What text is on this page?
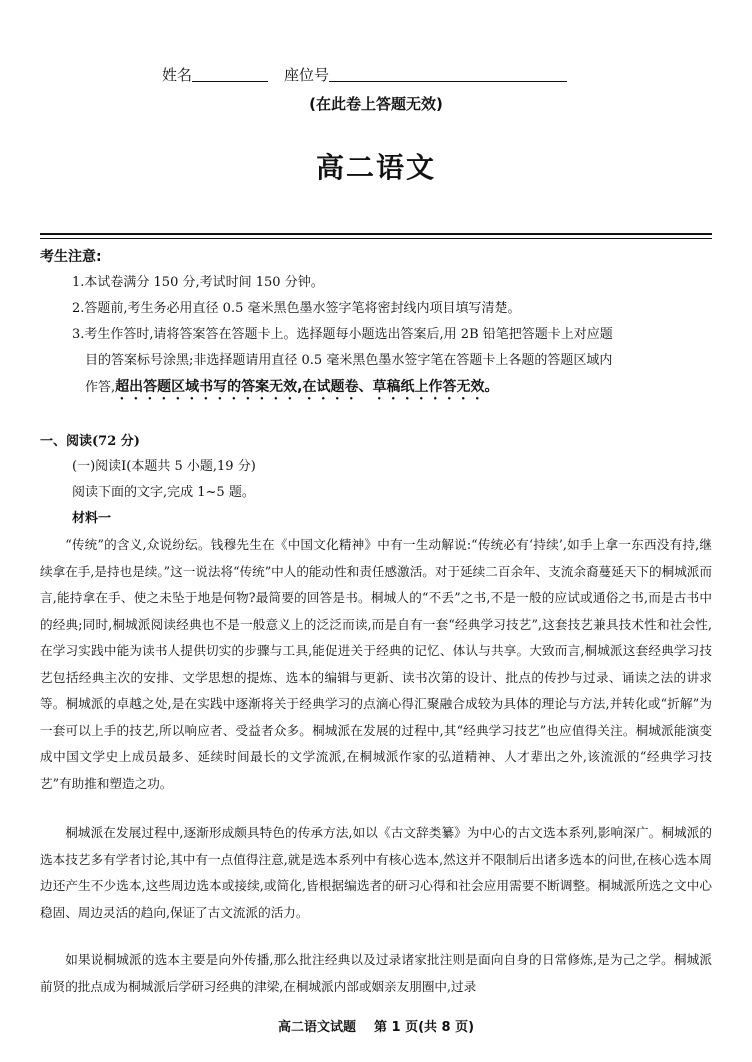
姓名	座位号
(在此卷上答题无效)
高二语文
考生注意:
1.本试卷满分 150 分,考试时间 150 分钟。
2.答题前,考生务必用直径 0.5 毫米黑色墨水签字笔将密封线内项目填写清楚。
3.考生作答时,请将答案答在答题卡上。选择题每小题选出答案后,用 2B 铅笔把答题卡上对应题
目的答案标号涂黑;非选择题请用直径 0.5 毫米黑色墨水签字笔在答题卡上各题的答题区域内
作答,超出答题区域书写的答案无效,在试题卷、草稿纸上作答无效。
一、阅读(72 分)
(一)阅读Ⅰ(本题共 5 小题,19 分)
阅读下面的文字,完成 1~5 题。
材料一
“传统”的含义,众说纷纭。钱穆先生在《中国文化精神》中有一生动解说:“传统必有‘持续’,如手上拿一东西没有持,继续拿在手,是持也是续。”这一说法将“传统”中人的能动性和责任感激活。对于延续二百余年、支流余裔蔓延天下的桐城派而言,能持拿在手、使之未坠于地是何物?最简要的回答是书。桐城人的“不丢”之书,不是一般的应试或通俗之书,而是古书中的经典;同时,桐城派阅读经典也不是一般意义上的泛泛而读,而是自有一套“经典学习技艺”,这套技艺兼具技术性和社会性,在学习实践中能为读书人提供切实的步骤与工具,能促进关于经典的记忆、体认与共享。大致而言,桐城派这套经典学习技艺包括经典主次的安排、文学思想的提炼、选本的编辑与更新、读书次第的设计、批点的传抄与过录、诵读之法的讲求等。桐城派的卓越之处,是在实践中逐渐将关于经典学习的点滴心得汇聚融合成较为具体的理论与方法,并转化或“折解”为一套可以上手的技艺,所以响应者、受益者众多。桐城派在发展的过程中,其“经典学习技艺”也应值得关注。桐城派能演变成中国文学史上成员最多、延续时间最长的文学流派,在桐城派作家的弘道精神、人才辈出之外,该流派的“经典学习技艺”有助推和塑造之功。
桐城派在发展过程中,逐渐形成颇具特色的传承方法,如以《古文辞类纂》为中心的古文选本系列,影响深广。桐城派的选本技艺多有学者讨论,其中有一点值得注意,就是选本系列中有核心选本,然这并不限制后出诸多选本的问世,在核心选本周边还产生不少选本,这些周边选本或接续,或简化,皆根据编选者的研习心得和社会应用需要不断调整。桐城派所选之文中心稳固、周边灵活的趋向,保证了古文流派的活力。
如果说桐城派的选本主要是向外传播,那么批注经典以及过录诸家批注则是面向自身的日常修炼,是为己之学。桐城派前贤的批点成为桐城派后学研习经典的津梁,在桐城派内部或姻亲友朋圈中,过录
高二语文试题 第 1 页(共 8 页)
